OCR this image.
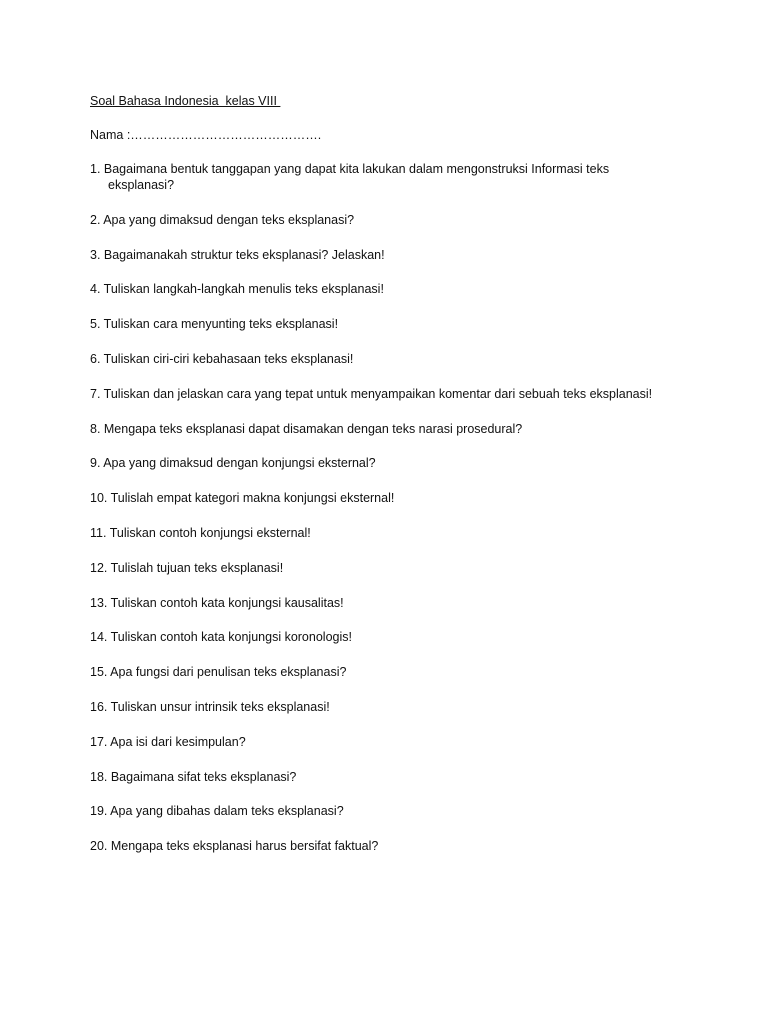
Soal Bahasa Indonesia  kelas VIII
Nama :……………………………………….
1. Bagaimana bentuk tanggapan yang dapat kita lakukan dalam mengonstruksi Informasi teks
eksplanasi?
2. Apa yang dimaksud dengan teks eksplanasi?
3. Bagaimanakah struktur teks eksplanasi? Jelaskan!
4. Tuliskan langkah-langkah menulis teks eksplanasi!
5. Tuliskan cara menyunting teks eksplanasi!
6. Tuliskan ciri-ciri kebahasaan teks eksplanasi!
7. Tuliskan dan jelaskan cara yang tepat untuk menyampaikan komentar dari sebuah teks eksplanasi!
8. Mengapa teks eksplanasi dapat disamakan dengan teks narasi prosedural?
9. Apa yang dimaksud dengan konjungsi eksternal?
10. Tulislah empat kategori makna konjungsi eksternal!
11. Tuliskan contoh konjungsi eksternal!
12. Tulislah tujuan teks eksplanasi!
13. Tuliskan contoh kata konjungsi kausalitas!
14. Tuliskan contoh kata konjungsi koronologis!
15. Apa fungsi dari penulisan teks eksplanasi?
16. Tuliskan unsur intrinsik teks eksplanasi!
17. Apa isi dari kesimpulan?
18. Bagaimana sifat teks eksplanasi?
19. Apa yang dibahas dalam teks eksplanasi?
20. Mengapa teks eksplanasi harus bersifat faktual?
